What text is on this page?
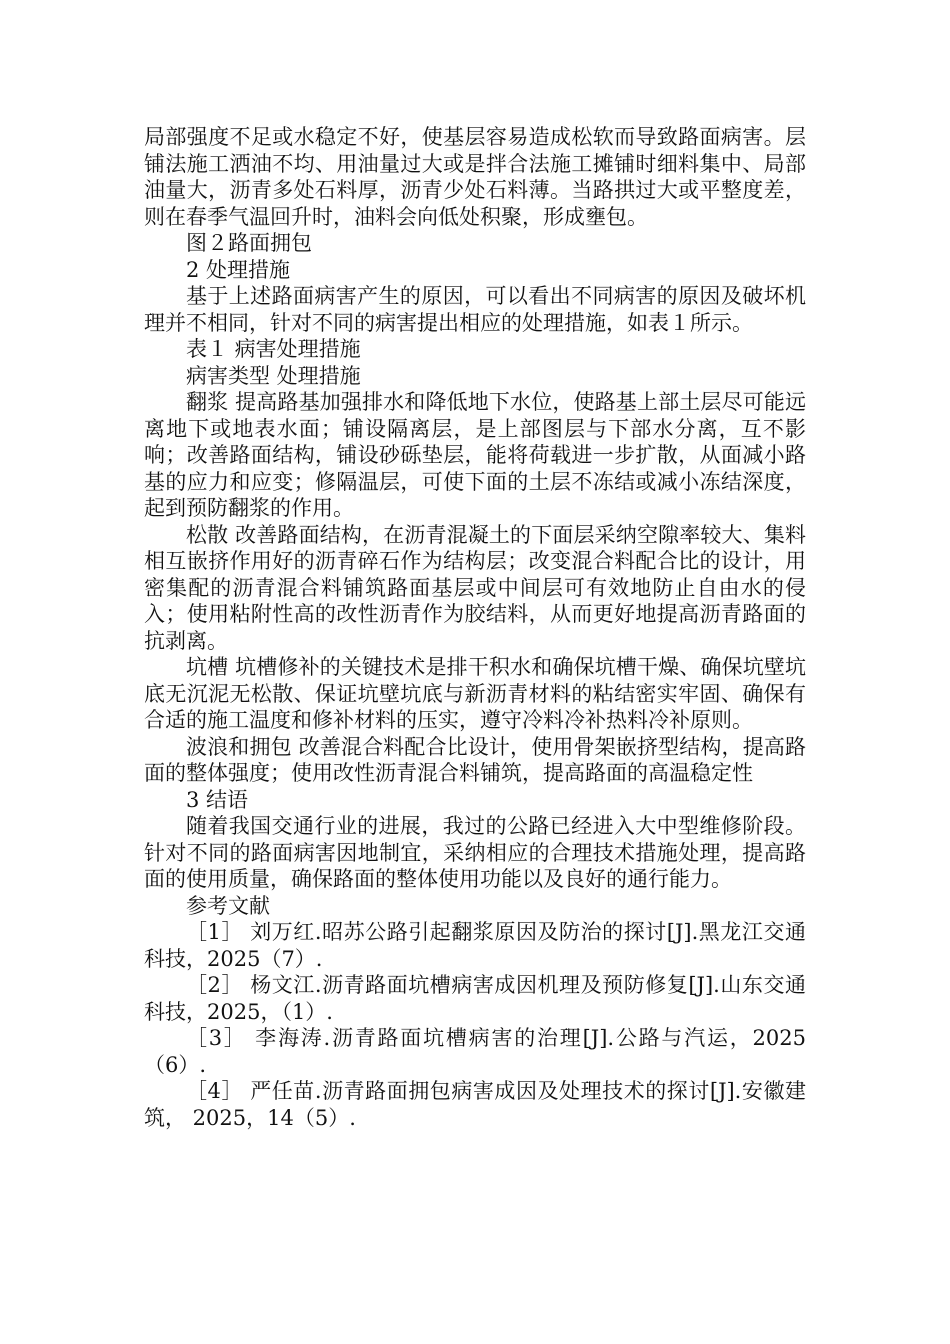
局部强度不足或水稳定不好，使基层容易造成松软而导致路面病害。层铺法施工洒油不均、用油量过大或是拌合法施工摊铺时细料集中、局部油量大，沥青多处石料厚，沥青少处石料薄。当路拱过大或平整度差，则在春季气温回升时，油料会向低处积聚，形成壅包。

图２路面拥包

2 处理措施

基于上述路面病害产生的原因，可以看出不同病害的原因及破坏机理并不相同，针对不同的病害提出相应的处理措施，如表１所示。

表１ 病害处理措施

病害类型 处理措施

翻浆 提高路基加强排水和降低地下水位，使路基上部土层尽可能远离地下或地表水面；铺设隔离层，是上部图层与下部水分离，互不影响；改善路面结构，铺设砂砾垫层，能将荷载进一步扩散，从面减小路基的应力和应变；修隔温层，可使下面的土层不冻结或减小冻结深度，起到预防翻浆的作用。

松散 改善路面结构，在沥青混凝土的下面层采纳空隙率较大、集料相互嵌挤作用好的沥青碎石作为结构层；改变混合料配合比的设计，用密集配的沥青混合料铺筑路面基层或中间层可有效地防止自由水的侵入；使用粘附性高的改性沥青作为胶结料，从而更好地提高沥青路面的抗剥离。

坑槽 坑槽修补的关键技术是排干积水和确保坑槽干燥、确保坑壁坑底无沉泥无松散、保证坑壁坑底与新沥青材料的粘结密实牢固、确保有合适的施工温度和修补材料的压实，遵守冷料冷补热料冷补原则。

波浪和拥包 改善混合料配合比设计，使用骨架嵌挤型结构，提高路面的整体强度；使用改性沥青混合料铺筑，提高路面的高温稳定性

3 结语

随着我国交通行业的进展，我过的公路已经进入大中型维修阶段。针对不同的路面病害因地制宜，采纳相应的合理技术措施处理，提高路面的使用质量，确保路面的整体使用功能以及良好的通行能力。

参考文献

［1］ 刘万红.昭苏公路引起翻浆原因及防治的探讨[J].黑龙江交通科技，2025（7）.

［2］ 杨文江.沥青路面坑槽病害成因机理及预防修复[J].山东交通科技，2025，（1）.

［3］ 李海涛.沥青路面坑槽病害的治理[J].公路与汽运，2025（6）.

［4］ 严任苗.沥青路面拥包病害成因及处理技术的探讨[J].安徽建筑， 2025，14（5）.
